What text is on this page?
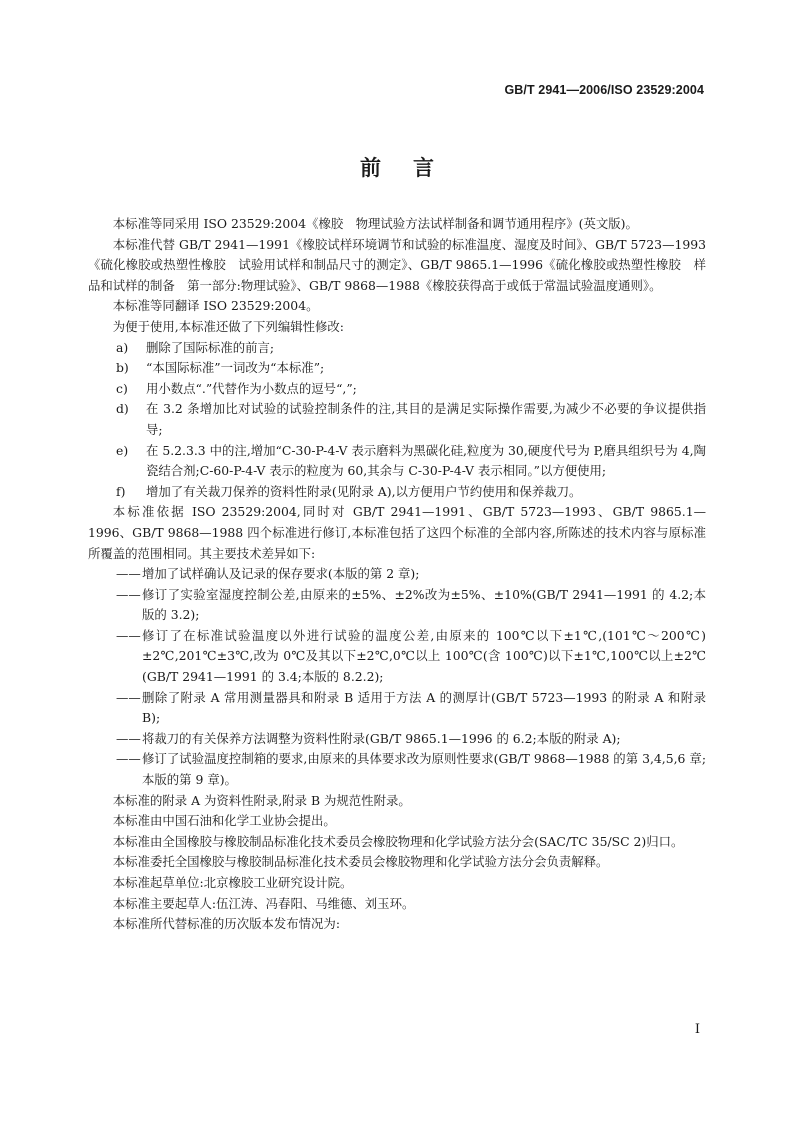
GB/T 2941—2006/ISO 23529:2004
前言

本标准等同采用 ISO 23529:2004《橡胶　物理试验方法试样制备和调节通用程序》(英文版)。

本标准代替 GB/T 2941—1991《橡胶试样环境调节和试验的标准温度、湿度及时间》、GB/T 5723—1993《硫化橡胶或热塑性橡胶　试验用试样和制品尺寸的测定》、GB/T 9865.1—1996《硫化橡胶或热塑性橡胶　样品和试样的制备　第一部分:物理试验》、GB/T 9868—1988《橡胶获得高于或低于常温试验温度通则》。

本标准等同翻译 ISO 23529:2004。

为便于使用,本标准还做了下列编辑性修改:

a)	删除了国际标准的前言;
b)	“本国际标准”一词改为“本标准”;
c)	用小数点“.”代替作为小数点的逗号“,”;
d)	在 3.2 条增加比对试验的试验控制条件的注,其目的是满足实际操作需要,为减少不必要的争议提供指导;
e)	在 5.2.3.3 中的注,增加“C-30-P-4-V 表示磨料为黑碳化硅,粒度为 30,硬度代号为 P,磨具组织号为 4,陶瓷结合剂;C-60-P-4-V 表示的粒度为 60,其余与 C-30-P-4-V 表示相同。”以方便使用;
f)	增加了有关裁刀保养的资料性附录(见附录 A),以方便用户节约使用和保养裁刀。

本标准依据 ISO 23529:2004,同时对 GB/T 2941—1991、GB/T 5723—1993、GB/T 9865.1—1996、GB/T 9868—1988 四个标准进行修订,本标准包括了这四个标准的全部内容,所陈述的技术内容与原标准所覆盖的范围相同。其主要技术差异如下:

—— 增加了试样确认及记录的保存要求(本版的第 2 章);
—— 修订了实验室湿度控制公差,由原来的±5%、±2%改为±5%、±10%(GB/T 2941—1991 的 4.2;本版的 3.2);
—— 修订了在标准试验温度以外进行试验的温度公差,由原来的 100℃以下±1℃,(101℃～200℃)±2℃,201℃±3℃,改为 0℃及其以下±2℃,0℃以上 100℃(含 100℃)以下±1℃,100℃以上±2℃(GB/T 2941—1991 的 3.4;本版的 8.2.2);
—— 删除了附录 A 常用测量器具和附录 B 适用于方法 A 的测厚计(GB/T 5723—1993 的附录 A 和附录 B);
—— 将裁刀的有关保养方法调整为资料性附录(GB/T 9865.1—1996 的 6.2;本版的附录 A);
—— 修订了试验温度控制箱的要求,由原来的具体要求改为原则性要求(GB/T 9868—1988 的第 3,4,5,6 章;本版的第 9 章)。

本标准的附录 A 为资料性附录,附录 B 为规范性附录。

本标准由中国石油和化学工业协会提出。

本标准由全国橡胶与橡胶制品标准化技术委员会橡胶物理和化学试验方法分会(SAC/TC 35/SC 2)归口。

本标准委托全国橡胶与橡胶制品标准化技术委员会橡胶物理和化学试验方法分会负责解释。

本标准起草单位:北京橡胶工业研究设计院。

本标准主要起草人:伍江涛、冯春阳、马维德、刘玉环。

本标准所代替标准的历次版本发布情况为:

I
